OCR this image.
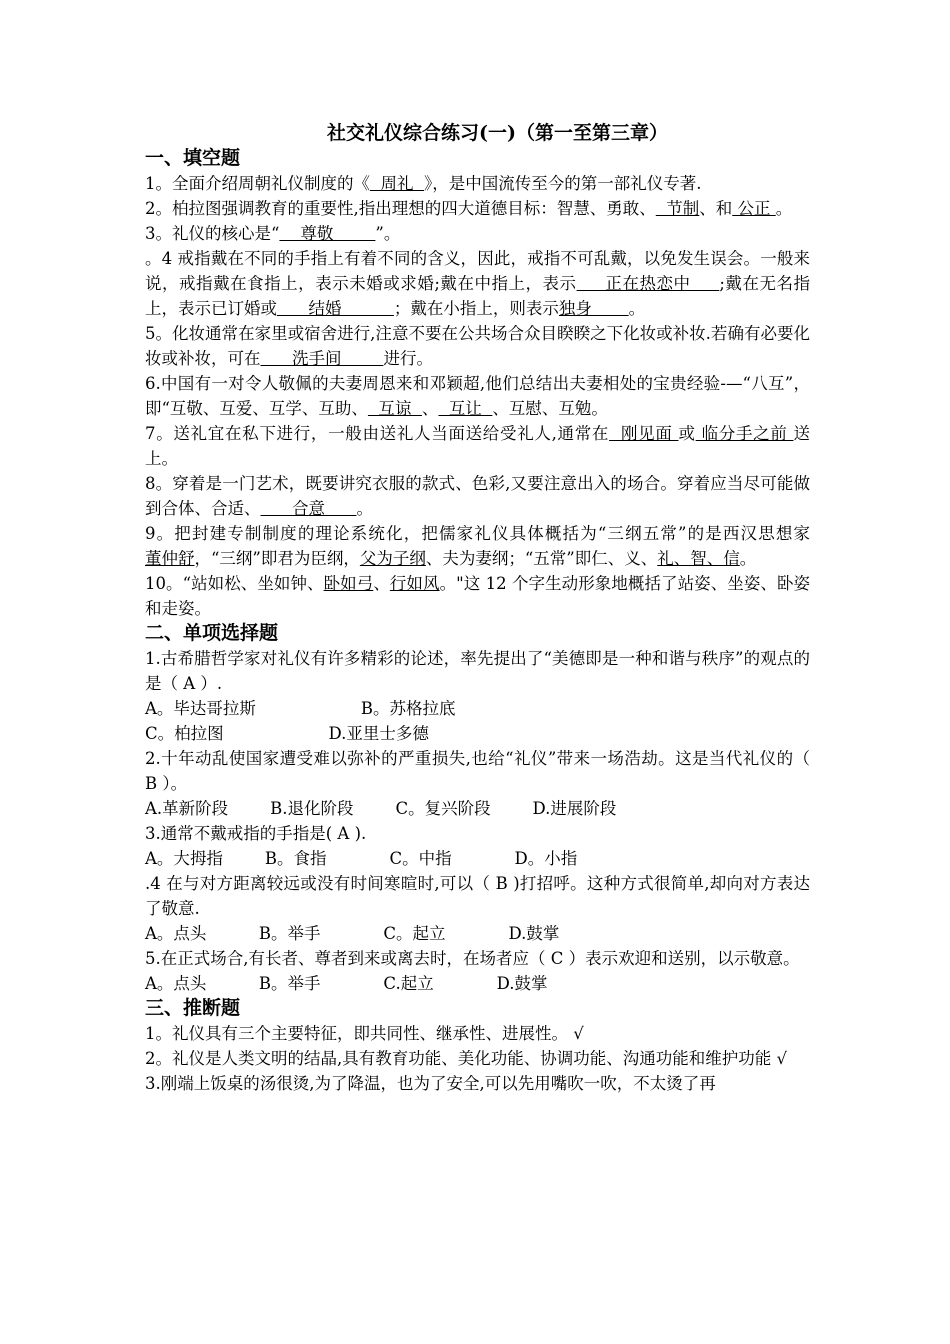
社交礼仪综合练习(一)（第一至第三章）
一、填空题
1。全面介绍周朝礼仪制度的《  周礼  》，是中国流传至今的第一部礼仪专著.
2。柏拉图强调教育的重要性,指出理想的四大道德目标：智慧、勇敢、  节制、和 公正 。
3。礼仪的核心是“    尊敬        ”。
。4 戒指戴在不同的手指上有着不同的含义，因此，戒指不可乱戴，以免发生误会。一般来说，戒指戴在食指上，表示未婚或求婚;戴在中指上，表示     正在热恋中     ;戴在无名指上，表示已订婚或      结婚          ；戴在小指上，则表示独身       。
5。化妆通常在家里或宿舍进行,注意不要在公共场合众目睽睽之下化妆或补妆.若确有必要化妆或补妆，可在      洗手间        进行。
6.中国有一对令人敬佩的夫妻周恩来和邓颖超,他们总结出夫妻相处的宝贵经验-—“八互”，即“互敬、互爱、互学、互助、  互谅  、  互让  、互慰、互勉。
7。送礼宜在私下进行，一般由送礼人当面送给受礼人,通常在  刚见面 或 临分手之前 送上。
8。穿着是一门艺术，既要讲究衣服的款式、色彩,又要注意出入的场合。穿着应当尽可能做到合体、合适、      合意      。
9。把封建专制制度的理论系统化，把儒家礼仪具体概括为“三纲五常”的是西汉思想家董仲舒，“三纲”即君为臣纲，父为子纲、夫为妻纲；“五常”即仁、义、礼、智、信。
10。“站如松、坐如钟、卧如弓、行如风。"这 12 个字生动形象地概括了站姿、坐姿、卧姿和走姿。
二、单项选择题
1.古希腊哲学家对礼仪有许多精彩的论述，率先提出了“美德即是一种和谐与秩序”的观点的是（ A ）.
A。毕达哥拉斯                    B。苏格拉底
C。柏拉图                    D.亚里士多德
2.十年动乱使国家遭受难以弥补的严重损失,也给“礼仪”带来一场浩劫。这是当代礼仪的（ B ）。
A.革新阶段        B.退化阶段        C。复兴阶段        D.进展阶段
3.通常不戴戒指的手指是( A ).
A。大拇指        B。食指            C。中指            D。小指
.4 在与对方距离较远或没有时间寒暄时,可以（ B )打招呼。这种方式很简单,却向对方表达了敬意.
A。点头          B。举手            C。起立            D.鼓掌
5.在正式场合,有长者、尊者到来或离去时，在场者应（ C ）表示欢迎和送别，以示敬意。
A。点头          B。举手            C.起立            D.鼓掌
三、推断题
1。礼仪具有三个主要特征，即共同性、继承性、进展性。 √
2。礼仪是人类文明的结晶,具有教育功能、美化功能、协调功能、沟通功能和维护功能 √
3.刚端上饭桌的汤很烫,为了降温，也为了安全,可以先用嘴吹一吹，不太烫了再
